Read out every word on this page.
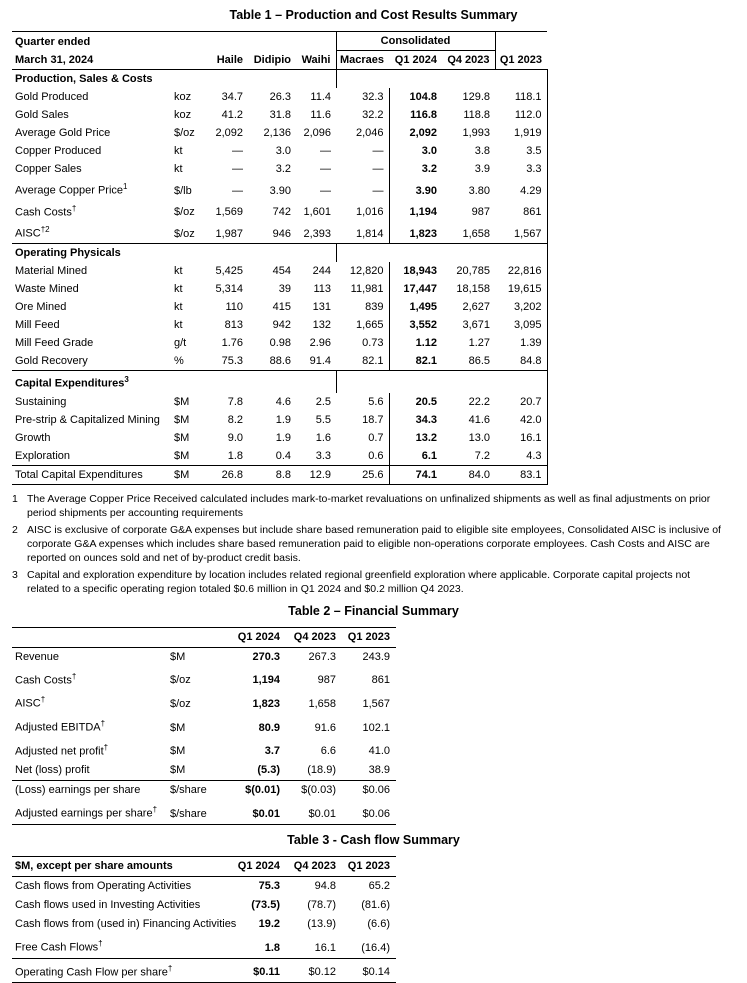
Table 1 – Production and Cost Results Summary
Quarter ended					Consolidated			
March 31, 2024		Haile	Didipio	Waihi	Macraes	Q1 2024	Q4 2023	Q1 2023
Production, Sales & Costs								
Gold Produced	koz	34.7	26.3	11.4	32.3	104.8	129.8	118.1
Gold Sales	koz	41.2	31.8	11.6	32.2	116.8	118.8	112.0
Average Gold Price	$/oz	2,092	2,136	2,096	2,046	2,092	1,993	1,919
Copper Produced	kt	—	3.0	—	—	3.0	3.8	3.5
Copper Sales	kt	—	3.2	—	—	3.2	3.9	3.3
Average Copper Price$^1$	$/lb	—	3.90	—	—	3.90	3.80	4.29
Cash Costs†	$/oz	1,569	742	1,601	1,016	1,194	987	861
AISC$^{\dagger 2}$	$/oz	1,987	946	2,393	1,814	1,823	1,658	1,567
Operating Physicals								
Material Mined	kt	5,425	454	244	12,820	18,943	20,785	22,816
Waste Mined	kt	5,314	39	113	11,981	17,447	18,158	19,615
Ore Mined	kt	110	415	131	839	1,495	2,627	3,202
Mill Feed	kt	813	942	132	1,665	3,552	3,671	3,095
Mill Feed Grade	g/t	1.76	0.98	2.96	0.73	1.12	1.27	1.39
Gold Recovery	%	75.3	88.6	91.4	82.1	82.1	86.5	84.8
Capital Expenditures$^3$								
Sustaining	$M	7.8	4.6	2.5	5.6	20.5	22.2	20.7
Pre-strip & Capitalized Mining	$M	8.2	1.9	5.5	18.7	34.3	41.6	42.0
Growth	$M	9.0	1.9	1.6	0.7	13.2	13.0	16.1
Exploration	$M	1.8	0.4	3.3	0.6	6.1	7.2	4.3
Total Capital Expenditures	$M	26.8	8.8	12.9	25.6	74.1	84.0	83.1
1 The Average Copper Price Received calculated includes mark-to-market revaluations on unfinalized shipments as well as final adjustments on prior period shipments per accounting requirements
2 AISC is exclusive of corporate G&A expenses but include share based remuneration paid to eligible site employees, Consolidated AISC is inclusive of corporate G&A expenses which includes share based remuneration paid to eligible non-operations corporate employees. Cash Costs and AISC are reported on ounces sold and net of by-product credit basis.
3 Capital and exploration expenditure by location includes related regional greenfield exploration where applicable. Corporate capital projects not related to a specific operating region totaled $0.6 million in Q1 2024 and $0.2 million Q4 2023.
Table 2 – Financial Summary
		Q1 2024	Q4 2023	Q1 2023
Revenue	$M	270.3	267.3	243.9
Cash Costs†	$/oz	1,194	987	861
AISC†	$/oz	1,823	1,658	1,567
Adjusted EBITDA†	$M	80.9	91.6	102.1
Adjusted net profit†	$M	3.7	6.6	41.0
Net (loss) profit	$M	(5.3)	(18.9)	38.9
(Loss) earnings per share	$/share	$(0.01)	$(0.03)	$0.06
Adjusted earnings per share†	$/share	$0.01	$0.01	$0.06
Table 3 - Cash flow Summary
$M, except per share amounts	Q1 2024	Q4 2023	Q1 2023
Cash flows from Operating Activities	75.3	94.8	65.2
Cash flows used in Investing Activities	(73.5)	(78.7)	(81.6)
Cash flows from (used in) Financing Activities	19.2	(13.9)	(6.6)
Free Cash Flows†	1.8	16.1	(16.4)
Operating Cash Flow per share†	$0.11	$0.12	$0.14
